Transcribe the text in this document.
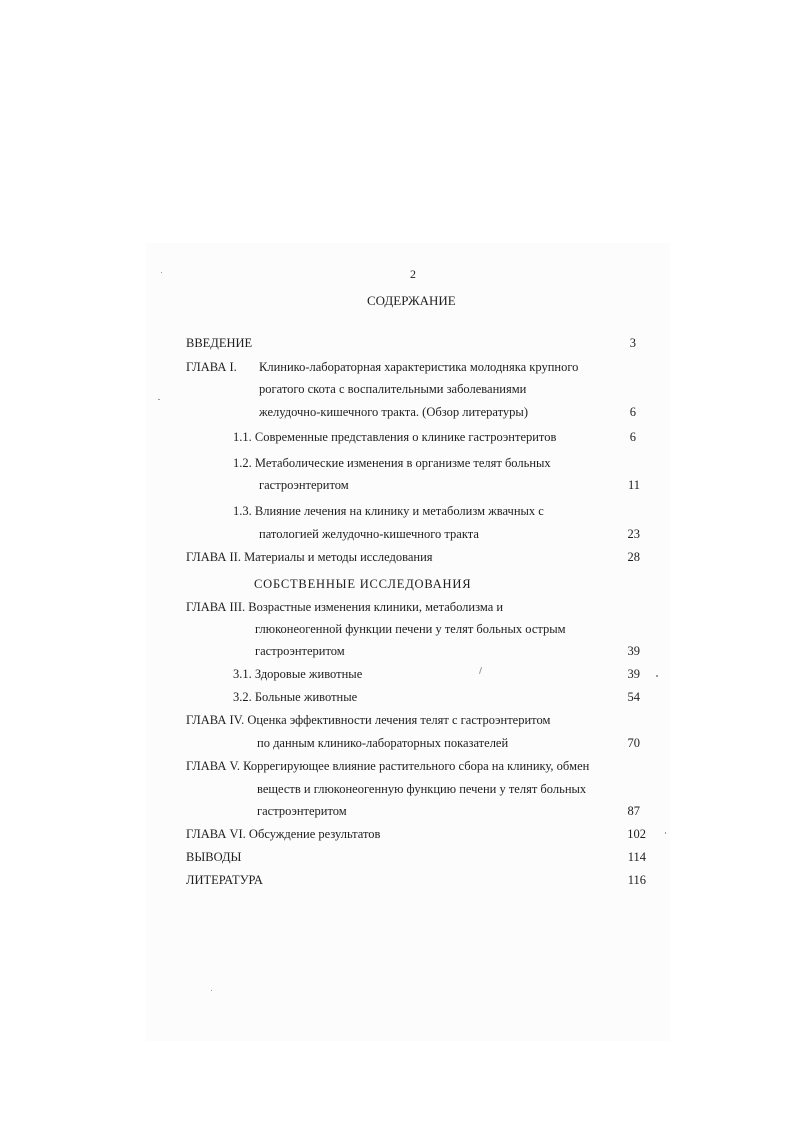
2
СОДЕРЖАНИЕ
ВВЕДЕНИЕ	3
ГЛАВА I. Клинико-лабораторная характеристика молодняка крупного
рогатого скота с воспалительными заболеваниями
желудочно-кишечного тракта. (Обзор литературы)	6
1.1. Современные представления о клинике гастроэнтеритов	6
1.2. Метаболические изменения в организме телят больных
гастроэнтеритом	11
1.3. Влияние лечения на клинику и метаболизм жвачных с
патологией желудочно-кишечного тракта	23
ГЛАВА II. Материалы и методы исследования	28
СОБСТВЕННЫЕ ИССЛЕДОВАНИЯ
ГЛАВА III. Возрастные изменения клиники, метаболизма и
глюконеогенной функции печени у телят больных острым
гастроэнтеритом	39
3.1. Здоровые животные	39
3.2. Больные животные	54
ГЛАВА IV. Оценка эффективности лечения телят с гастроэнтеритом
по данным клинико-лабораторных показателей	70
ГЛАВА V. Коррегирующее влияние растительного сбора на клинику, обмен
веществ и глюконеогенную функцию печени у телят больных
гастроэнтеритом	87
ГЛАВА VI. Обсуждение результатов	102
ВЫВОДЫ	114
ЛИТЕРАТУРА	116
